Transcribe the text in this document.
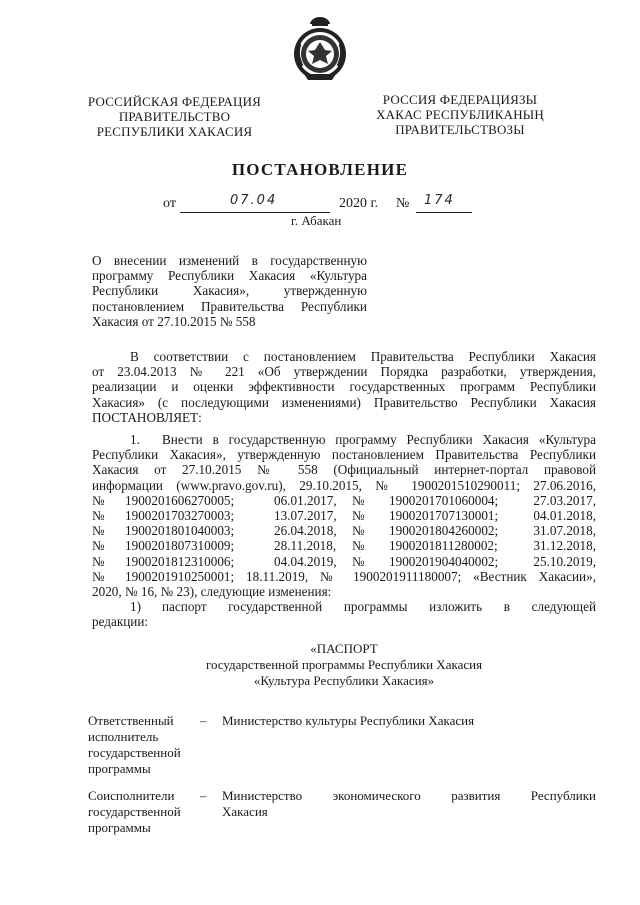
РОССИЙСКАЯ ФЕДЕРАЦИЯ
ПРАВИТЕЛЬСТВО
РЕСПУБЛИКИ ХАКАСИЯ
РОССИЯ ФЕДЕРАЦИЯЗЫ
ХАКАС РЕСПУБЛИКАНЫҢ
ПРАВИТЕЛЬСТВОЗЫ
ПОСТАНОВЛЕНИЕ
от	07.04	2020 г. № 174
г. Абакан
О внесении изменений в государственную
программу Республики Хакасия «Культура
Республики Хакасия», утвержденную
постановлением Правительства Республики
Хакасия от 27.10.2015 № 558
В соответствии с постановлением Правительства Республики Хакасия
от 23.04.2013 № 221 «Об утверждении Порядка разработки, утверждения,
реализации и оценки эффективности государственных программ Республики
Хакасия» (с последующими изменениями) Правительство Республики Хакасия
ПОСТАНОВЛЯЕТ:
1. Внести в государственную программу Республики Хакасия «Культура
Республики Хакасия», утвержденную постановлением Правительства Республики
Хакасия от 27.10.2015 № 558 (Официальный интернет-портал правовой
информации (www.pravo.gov.ru), 29.10.2015, № 1900201510290011; 27.06.2016,
№ 1900201606270005;	06.01.2017, № 1900201701060004;	27.03.2017,
№ 1900201703270003;	13.07.2017, № 1900201707130001;	04.01.2018,
№ 1900201801040003;	26.04.2018, № 1900201804260002;	31.07.2018,
№ 1900201807310009;	28.11.2018, № 1900201811280002;	31.12.2018,
№ 1900201812310006;	04.04.2019, № 1900201904040002;	25.10.2019,
№ 1900201910250001; 18.11.2019, № 1900201911180007; «Вестник Хакасии»,
2020, № 16, № 23), следующие изменения:
1) паспорт государственной программы изложить в следующей
редакции:
«ПАСПОРТ
государственной программы Республики Хакасия
«Культура Республики Хакасия»
Ответственный
исполнитель
государственной
программы
– Министерство культуры Республики Хакасия
Соисполнители
государственной
программы
– Министерство экономического развития Республики
Хакасия
